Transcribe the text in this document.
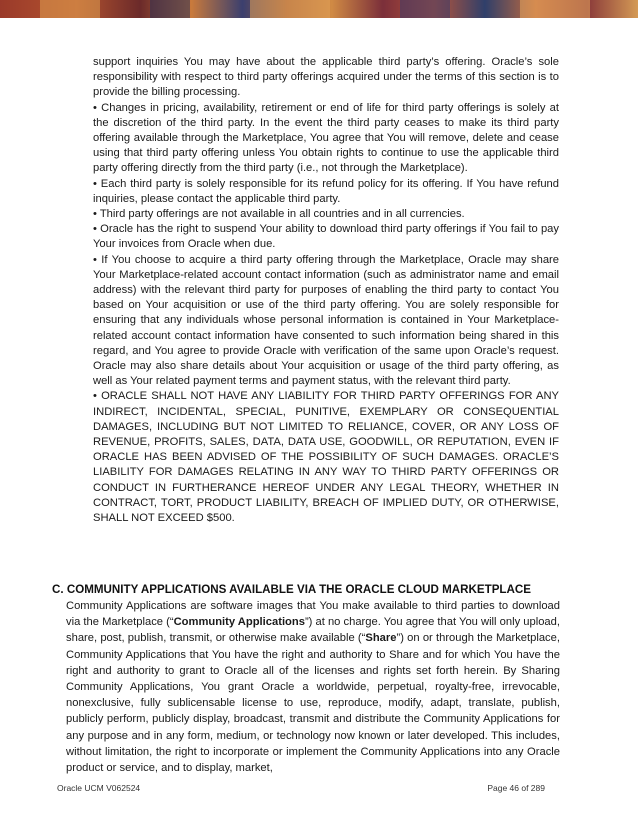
support inquiries You may have about the applicable third party’s offering. Oracle’s sole responsibility with respect to third party offerings acquired under the terms of this section is to provide the billing processing.

• Changes in pricing, availability, retirement or end of life for third party offerings is solely at the discretion of the third party. In the event the third party ceases to make its third party offering available through the Marketplace, You agree that You will remove, delete and cease using that third party offering unless You obtain rights to continue to use the applicable third party offering directly from the third party (i.e., not through the Marketplace).

• Each third party is solely responsible for its refund policy for its offering. If You have refund inquiries, please contact the applicable third party.

• Third party offerings are not available in all countries and in all currencies.

• Oracle has the right to suspend Your ability to download third party offerings if You fail to pay Your invoices from Oracle when due.

• If You choose to acquire a third party offering through the Marketplace, Oracle may share Your Marketplace-related account contact information (such as administrator name and email address) with the relevant third party for purposes of enabling the third party to contact You based on Your acquisition or use of the third party offering. You are solely responsible for ensuring that any individuals whose personal information is contained in Your Marketplace-related account contact information have consented to such information being shared in this regard, and You agree to provide Oracle with verification of the same upon Oracle’s request. Oracle may also share details about Your acquisition or usage of the third party offering, as well as Your related payment terms and payment status, with the relevant third party.

• ORACLE SHALL NOT HAVE ANY LIABILITY FOR THIRD PARTY OFFERINGS FOR ANY INDIRECT, INCIDENTAL, SPECIAL, PUNITIVE, EXEMPLARY OR CONSEQUENTIAL DAMAGES, INCLUDING BUT NOT LIMITED TO RELIANCE, COVER, OR ANY LOSS OF REVENUE, PROFITS, SALES, DATA, DATA USE, GOODWILL, OR REPUTATION, EVEN IF ORACLE HAS BEEN ADVISED OF THE POSSIBILITY OF SUCH DAMAGES. ORACLE’S LIABILITY FOR DAMAGES RELATING IN ANY WAY TO THIRD PARTY OFFERINGS OR CONDUCT IN FURTHERANCE HEREOF UNDER ANY LEGAL THEORY, WHETHER IN CONTRACT, TORT, PRODUCT LIABILITY, BREACH OF IMPLIED DUTY, OR OTHERWISE, SHALL NOT EXCEED $500.

C. COMMUNITY APPLICATIONS AVAILABLE VIA THE ORACLE CLOUD MARKETPLACE
Community Applications are software images that You make available to third parties to download via the Marketplace (“Community Applications”) at no charge. You agree that You will only upload, share, post, publish, transmit, or otherwise make available (“Share”) on or through the Marketplace, Community Applications that You have the right and authority to Share and for which You have the right and authority to grant to Oracle all of the licenses and rights set forth herein. By Sharing Community Applications, You grant Oracle a worldwide, perpetual, royalty-free, irrevocable, nonexclusive, fully sublicensable license to use, reproduce, modify, adapt, translate, publish, publicly perform, publicly display, broadcast, transmit and distribute the Community Applications for any purpose and in any form, medium, or technology now known or later developed. This includes, without limitation, the right to incorporate or implement the Community Applications into any Oracle product or service, and to display, market,
Oracle UCM V062524	Page 46 of 289
